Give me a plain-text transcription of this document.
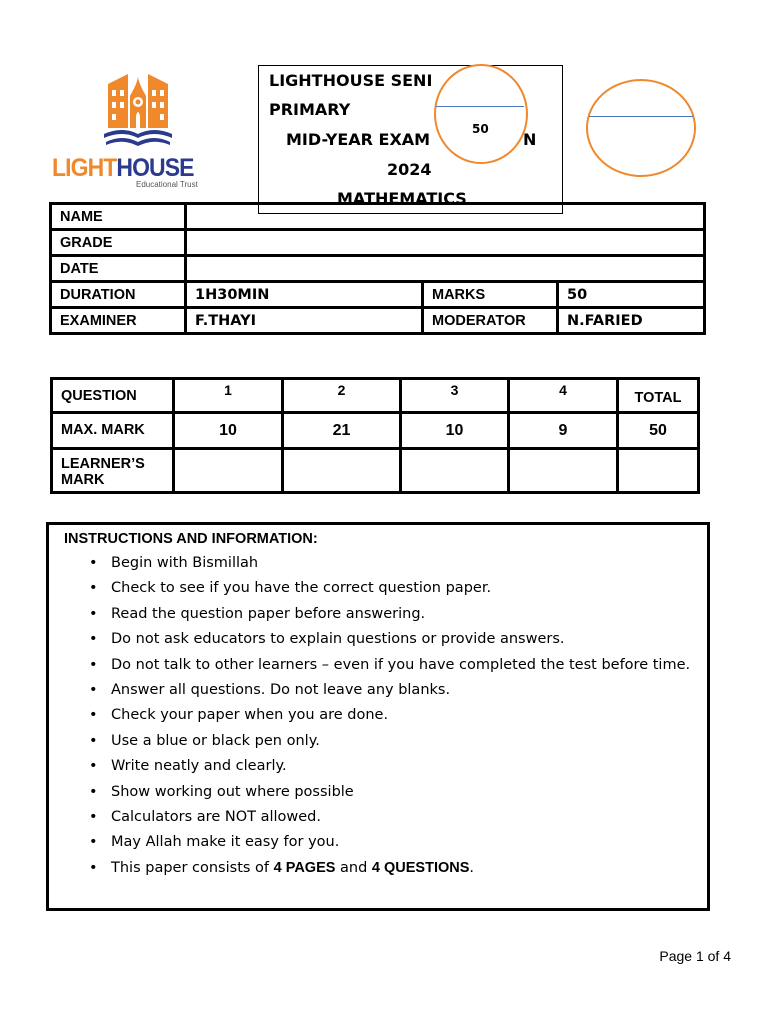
LIGHTHOUSE
Educational Trust
LIGHTHOUSE SENI
PRIMARY
MID-YEAR EXAM	N
2024
MATHEMATICS
50
NAME			
GRADE			
DATE			
DURATION	1H30MIN	MARKS	50
EXAMINER	F.THAYI	MODERATOR	N.FARIED
QUESTION	1	2	3	4	TOTAL
MAX. MARK	10	21	10	9	50
LEARNER’S
MARK					
INSTRUCTIONS AND INFORMATION:
• Begin with Bismillah
• Check to see if you have the correct question paper.
• Read the question paper before answering.
• Do not ask educators to explain questions or provide answers.
• Do not talk to other learners – even if you have completed the test before time.
• Answer all questions. Do not leave any blanks.
• Check your paper when you are done.
• Use a blue or black pen only.
• Write neatly and clearly.
• Show working out where possible
• Calculators are NOT allowed.
• May Allah make it easy for you.
• This paper consists of 4 PAGES and 4 QUESTIONS.
Page 1 of 4
